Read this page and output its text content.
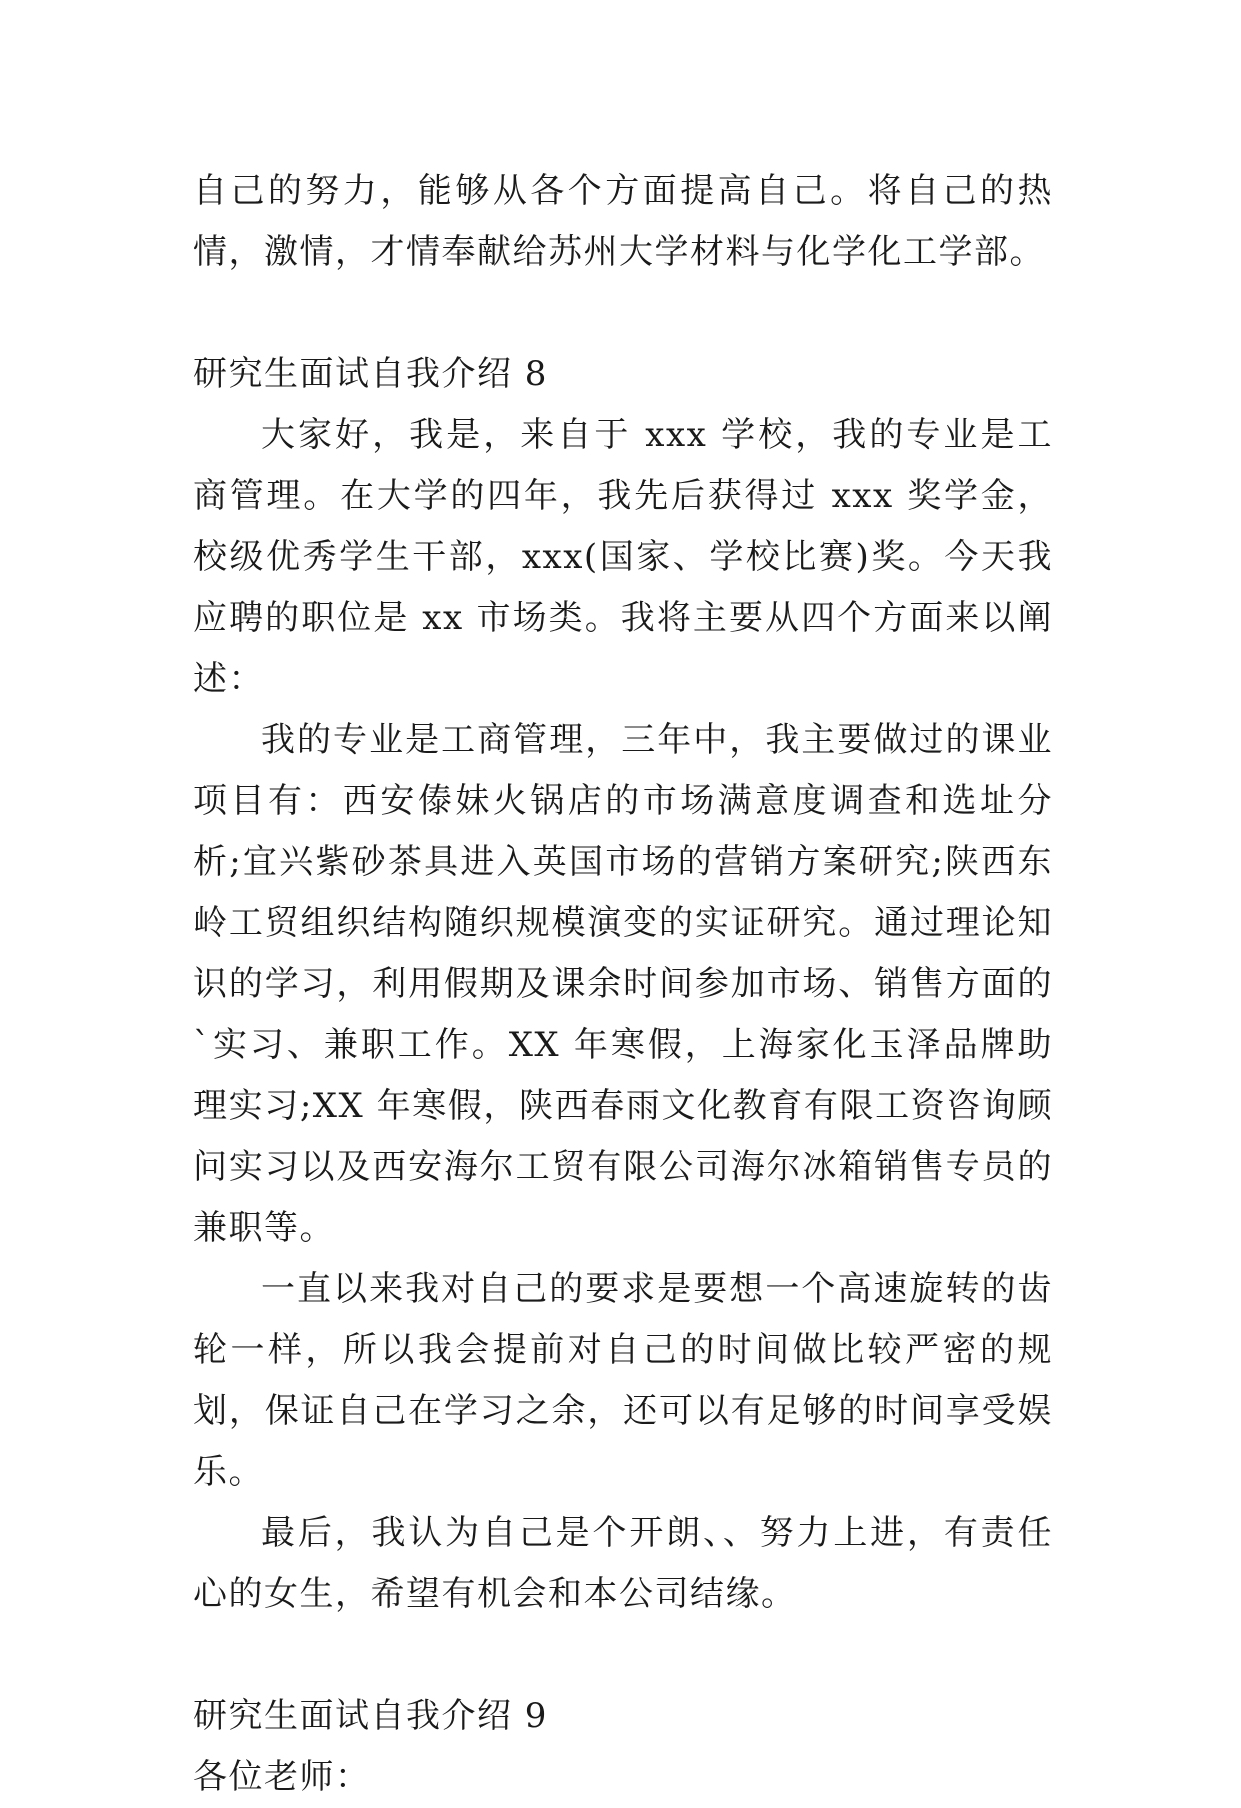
自己的努力，能够从各个方面提高自己。将自己的热情，激情，才情奉献给苏州大学材料与化学化工学部。

研究生面试自我介绍 8

大家好，我是，来自于 xxx 学校，我的专业是工商管理。在大学的四年，我先后获得过 xxx 奖学金，校级优秀学生干部，xxx(国家、学校比赛)奖。今天我应聘的职位是 xx 市场类。我将主要从四个方面来以阐述：

我的专业是工商管理，三年中，我主要做过的课业项目有：西安傣妹火锅店的市场满意度调查和选址分析;宜兴紫砂茶具进入英国市场的营销方案研究;陕西东岭工贸组织结构随织规模演变的实证研究。通过理论知识的学习，利用假期及课余时间参加市场、销售方面的`实习、兼职工作。XX 年寒假，上海家化玉泽品牌助理实习;XX 年寒假，陕西春雨文化教育有限工资咨询顾问实习以及西安海尔工贸有限公司海尔冰箱销售专员的兼职等。

一直以来我对自己的要求是要想一个高速旋转的齿轮一样，所以我会提前对自己的时间做比较严密的规划，保证自己在学习之余，还可以有足够的时间享受娱乐。

最后，我认为自己是个开朗、、努力上进，有责任心的女生，希望有机会和本公司结缘。

研究生面试自我介绍 9

各位老师：
